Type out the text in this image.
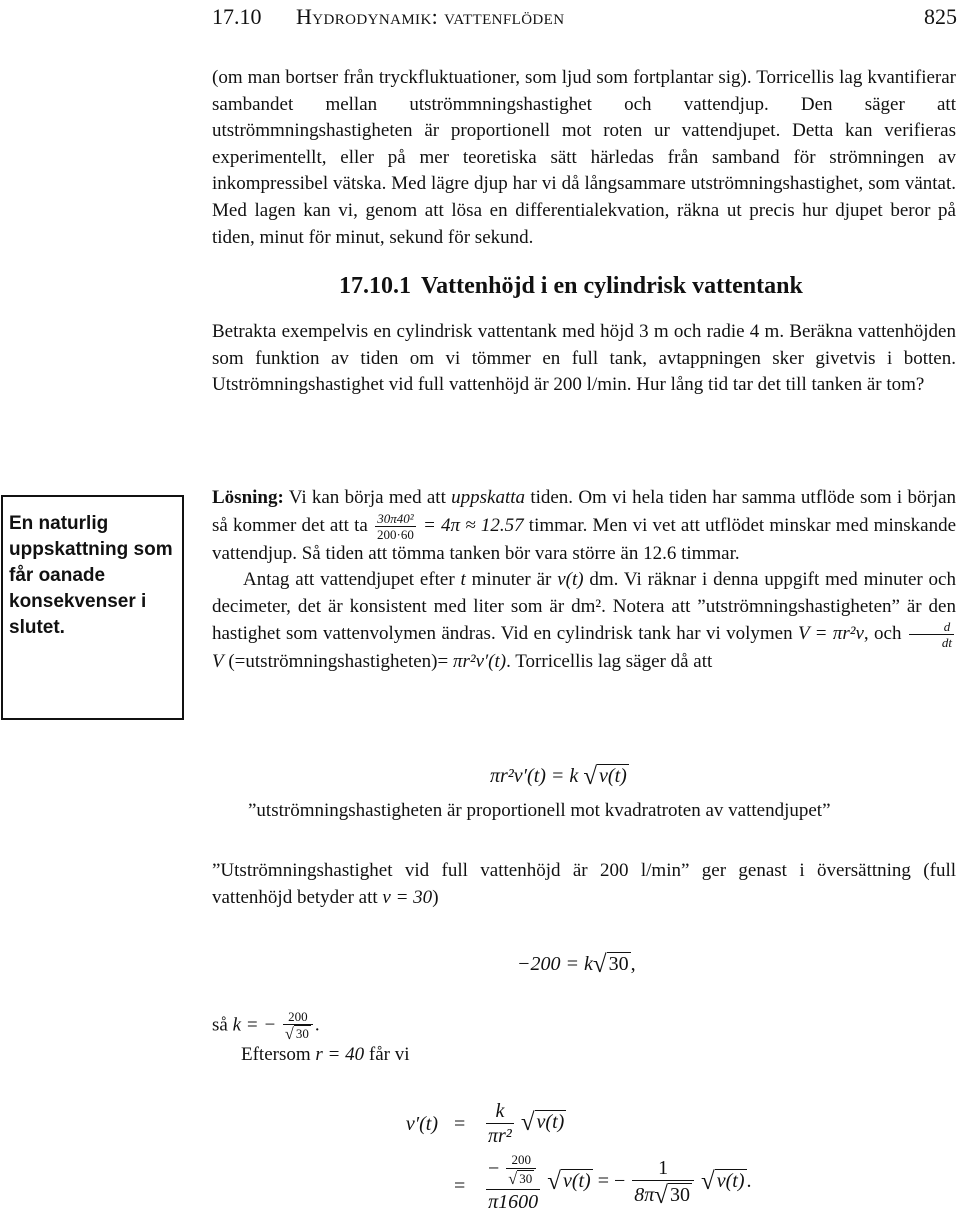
17.10 Hydrodynamik: vattenflöden	825

(om man bortser från tryckfluktuationer, som ljud som fortplantar sig). Torricellis lag kvantifierar sambandet mellan utströmmningshastighet och vattendjup. Den säger att utströmmningshastigheten är proportionell mot roten ur vattendjupet. Detta kan verifieras experimentellt, eller på mer teoretiska sätt härledas från samband för strömningen av inkompressibel vätska. Med lägre djup har vi då långsammare utströmningshastighet, som väntat. Med lagen kan vi, genom att lösa en differentialekvation, räkna ut precis hur djupet beror på tiden, minut för minut, sekund för sekund.

17.10.1 Vattenhöjd i en cylindrisk vattentank

Betrakta exempelvis en cylindrisk vattentank med höjd 3 m och radie 4 m. Beräkna vattenhöjden som funktion av tiden om vi tömmer en full tank, avtappningen sker givetvis i botten. Utströmningshastighet vid full vattenhöjd är 200 l/min. Hur lång tid tar det till tanken är tom?

En naturlig uppskattning som får oanade konsekvenser i slutet.

Lösning: Vi kan börja med att uppskatta tiden. Om vi hela tiden har samma utflöde som i början så kommer det att ta $\frac{\text{30π40²}}{200\cdot 60} = 4\pi \approx 12.57$ timmar. Men vi vet att utflödet minskar med minskande vattendjup. Så tiden att tömma tanken bör vara större än 12.6 timmar.

Antag att vattendjupet efter t minuter är v(t) dm. Vi räknar i denna uppgift med minuter och decimeter, det är konsistent med liter som är dm². Notera att ”utströmningshastigheten” är den hastighet som vattenvolymen ändras. Vid en cylindrisk tank har vi volymen V = πr²v, och $\frac{d}{dt}$
V (=utströmningshastigheten)= πr²v′(t). Torricellis lag säger då att

πr²v′(t) = k √ v(t)
”utströmningshastigheten är proportionell mot kvadratroten av vattendjupet”

”Utströmningshastighet vid full vattenhöjd är 200 l/min” ger genast i översättning (full vattenhöjd betyder att v = 30)

−200 = k√ 30 ,
så k = − $\frac{200}{√ 30}$ .
Eftersom r = 40 får vi
$v'(t) = \frac{k}{\text{πr²}}$ √ v(t)
= $\frac{- \frac{200}{√ 30}}{\pi 1600}$ √ v(t) = − $\frac{1}{8\pi√ 30}$ √ v(t) .
